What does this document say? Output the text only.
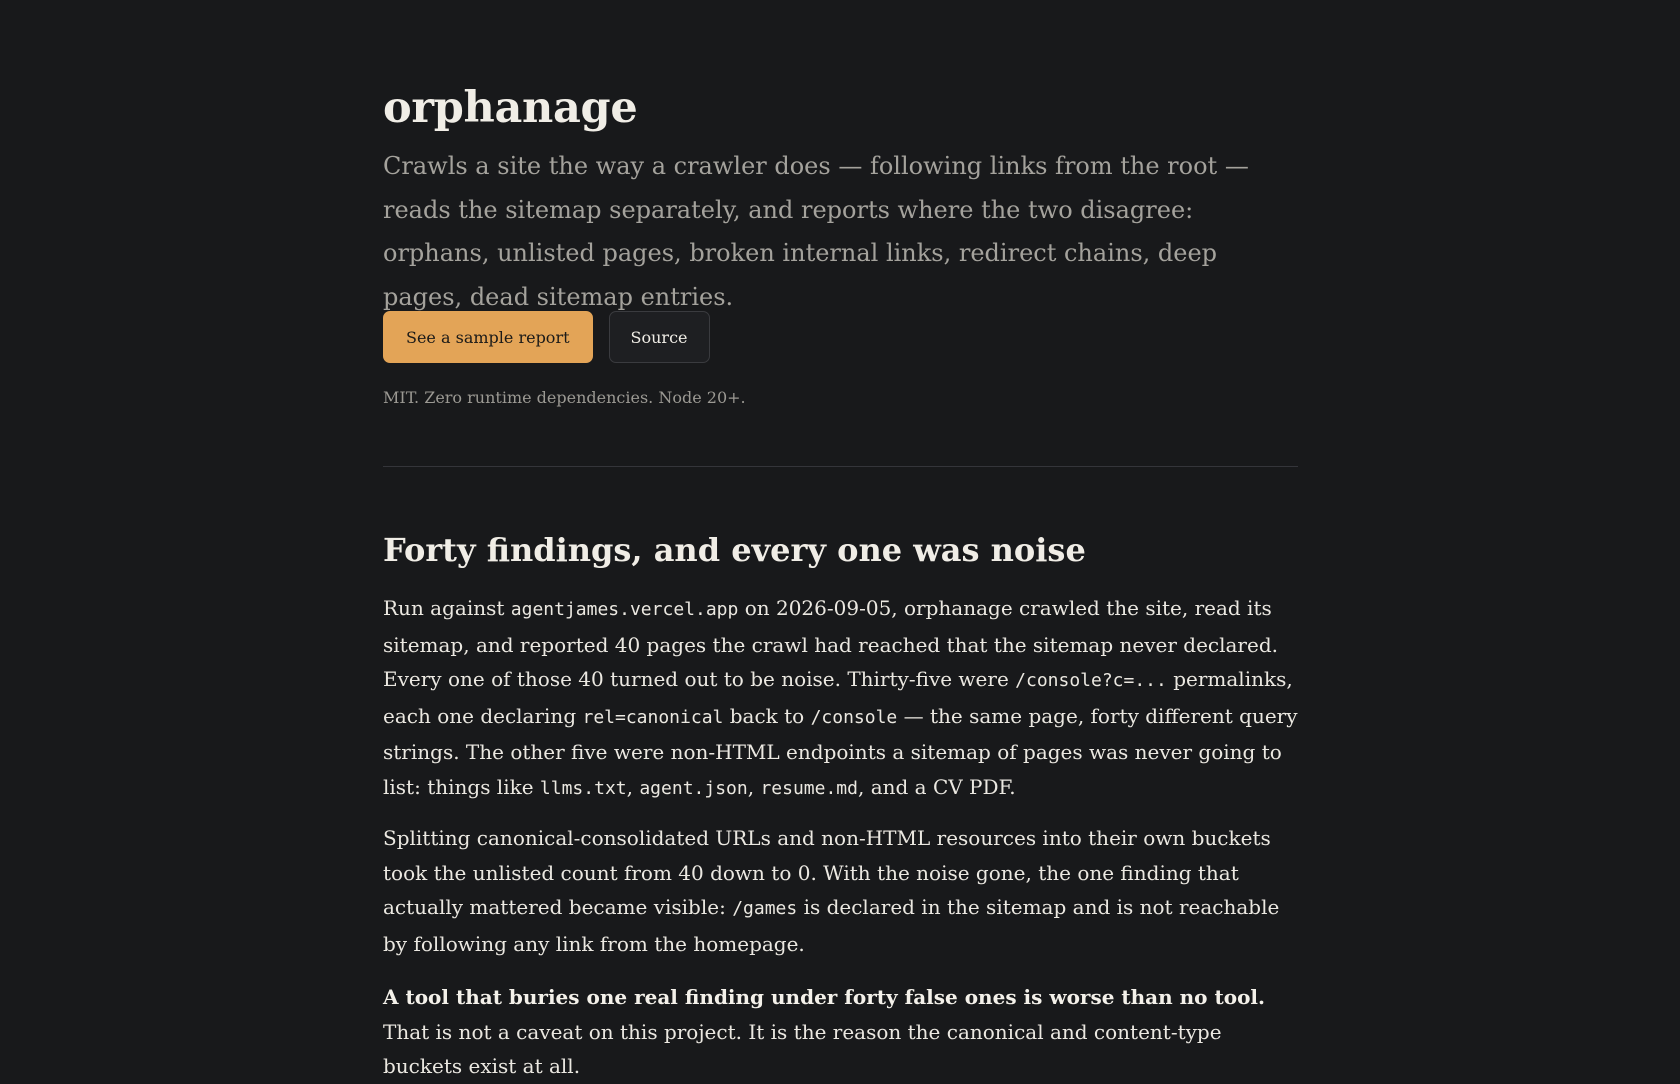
orphanage

Crawls a site the way a crawler does — following links from the root — reads the sitemap separately, and reports where the two disagree: orphans, unlisted pages, broken internal links, redirect chains, deep pages, dead sitemap entries.

See a sample report	Source

MIT. Zero runtime dependencies. Node 20+.

Forty findings, and every one was noise

Run against agentjames.vercel.app on 2026-09-05, orphanage crawled the site, read its sitemap, and reported 40 pages the crawl had reached that the sitemap never declared. Every one of those 40 turned out to be noise. Thirty-five were /console?c=... permalinks, each one declaring rel=canonical back to /console — the same page, forty different query strings. The other five were non-HTML endpoints a sitemap of pages was never going to list: things like llms.txt, agent.json, resume.md, and a CV PDF.

Splitting canonical-consolidated URLs and non-HTML resources into their own buckets took the unlisted count from 40 down to 0. With the noise gone, the one finding that actually mattered became visible: /games is declared in the sitemap and is not reachable by following any link from the homepage.

A tool that buries one real finding under forty false ones is worse than no tool. That is not a caveat on this project. It is the reason the canonical and content-type buckets exist at all.
